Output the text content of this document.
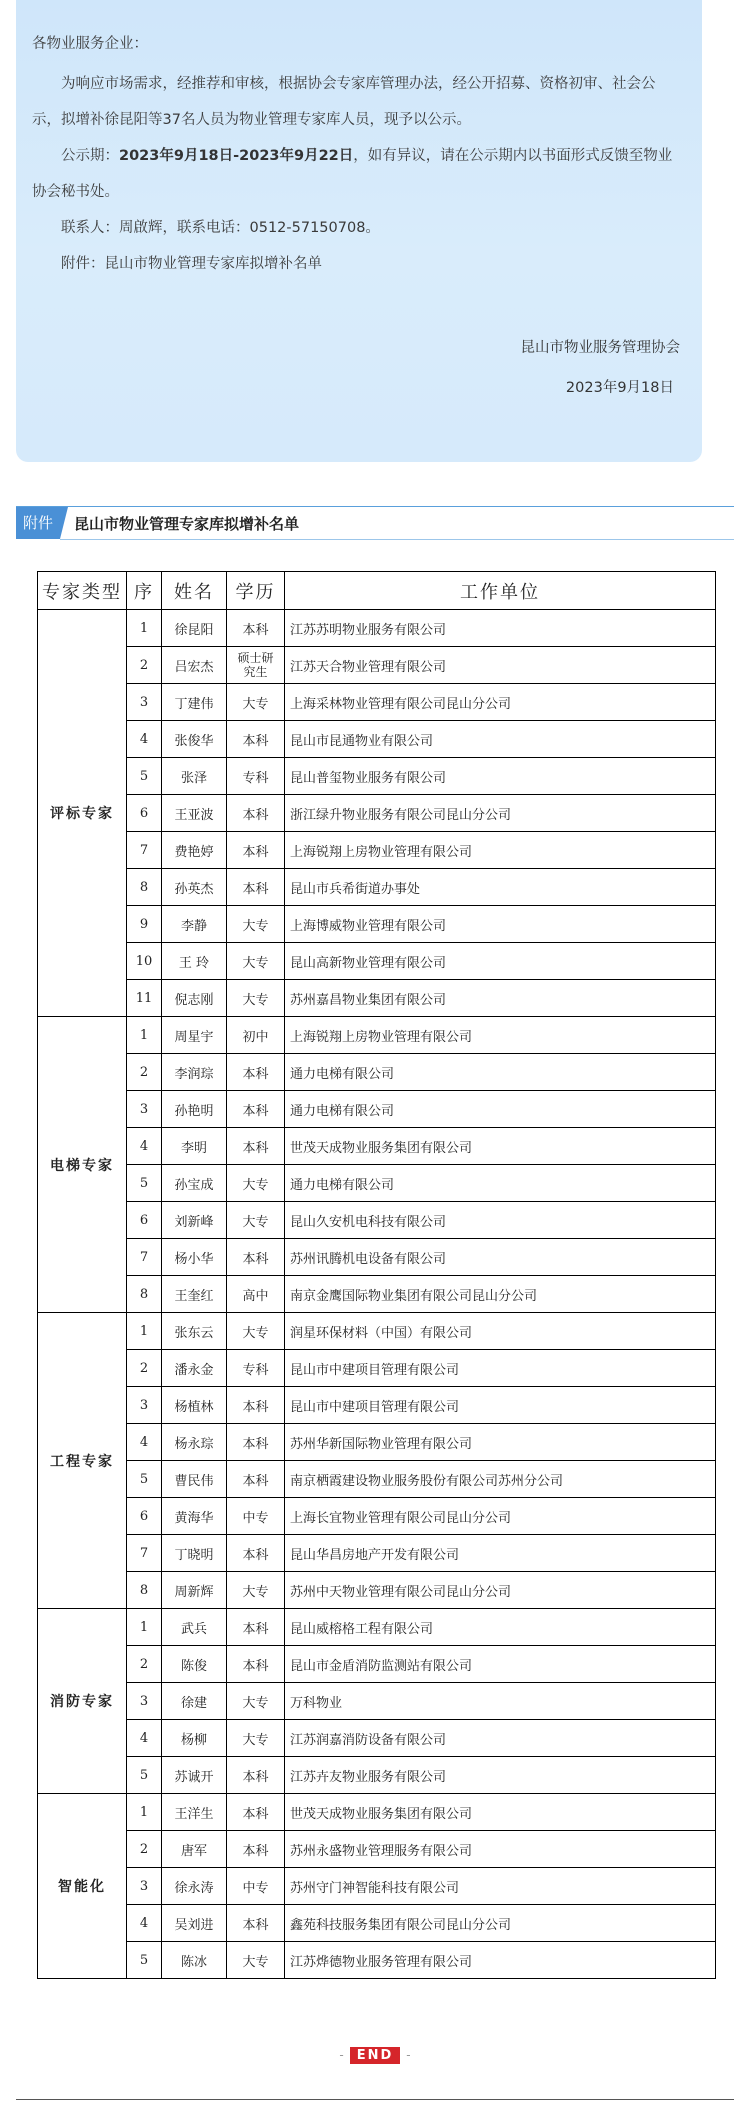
各物业服务企业：

为响应市场需求，经推荐和审核，根据协会专家库管理办法，经公开招募、资格初审、社会公示，拟增补徐昆阳等37名人员为物业管理专家库人员，现予以公示。

公示期：2023年9月18日-2023年9月22日，如有异议，请在公示期内以书面形式反馈至物业协会秘书处。

联系人：周啟辉，联系电话：0512-57150708。

附件：昆山市物业管理专家库拟增补名单

昆山市物业服务管理协会
2023年9月18日
附件	昆山市物业管理专家库拟增补名单
专家类型	序	姓名	学历	工作单位
评标专家	1	徐昆阳	本科	江苏苏明物业服务有限公司
	2	吕宏杰	硕士研究生	江苏天合物业管理有限公司
	3	丁建伟	大专	上海采林物业管理有限公司昆山分公司
	4	张俊华	本科	昆山市昆通物业有限公司
	5	张泽	专科	昆山普玺物业服务有限公司
	6	王亚波	本科	浙江绿升物业服务有限公司昆山分公司
	7	费艳婷	本科	上海锐翔上房物业管理有限公司
	8	孙英杰	本科	昆山市兵希街道办事处
	9	李静	大专	上海博威物业管理有限公司
	10	王 玲	大专	昆山高新物业管理有限公司
	11	倪志刚	大专	苏州嘉昌物业集团有限公司
电梯专家	1	周星宇	初中	上海锐翔上房物业管理有限公司
	2	李润琮	本科	通力电梯有限公司
	3	孙艳明	本科	通力电梯有限公司
	4	李明	本科	世茂天成物业服务集团有限公司
	5	孙宝成	大专	通力电梯有限公司
	6	刘新峰	大专	昆山久安机电科技有限公司
	7	杨小华	本科	苏州讯腾机电设备有限公司
	8	王奎红	高中	南京金鹰国际物业集团有限公司昆山分公司
工程专家	1	张东云	大专	润星环保材料（中国）有限公司
	2	潘永金	专科	昆山市中建项目管理有限公司
	3	杨植林	本科	昆山市中建项目管理有限公司
	4	杨永琮	本科	苏州华新国际物业管理有限公司
	5	曹民伟	本科	南京栖霞建设物业服务股份有限公司苏州分公司
	6	黄海华	中专	上海长宜物业管理有限公司昆山分公司
	7	丁晓明	本科	昆山华昌房地产开发有限公司
	8	周新辉	大专	苏州中天物业管理有限公司昆山分公司
消防专家	1	武兵	本科	昆山威榕格工程有限公司
	2	陈俊	本科	昆山市金盾消防监测站有限公司
	3	徐建	大专	万科物业
	4	杨柳	大专	江苏润嘉消防设备有限公司
	5	苏诚开	本科	江苏卉友物业服务有限公司
智能化	1	王洋生	本科	世茂天成物业服务集团有限公司
	2	唐军	本科	苏州永盛物业管理服务有限公司
	3	徐永涛	中专	苏州守门神智能科技有限公司
	4	吴刘进	本科	鑫苑科技服务集团有限公司昆山分公司
	5	陈冰	大专	江苏烨德物业服务管理有限公司
- END -
